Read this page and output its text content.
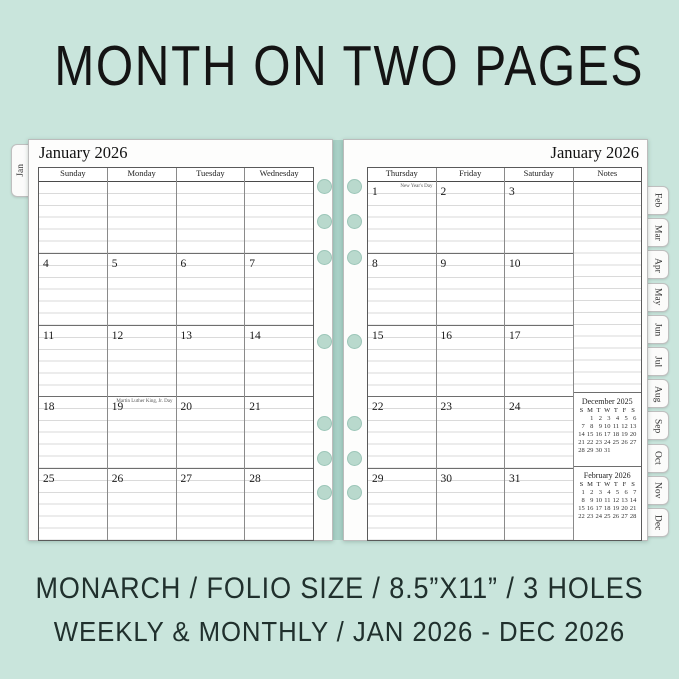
MONTH ON TWO PAGES
Jan
Feb
Mar
Apr
May
Jun
Jul
Aug
Sep
Oct
Nov
Dec
January 2026
Sunday
4
11
18
25
Monday
5
12
19
Martin Luther King, Jr. Day
26
Tuesday
6
13
20
27
Wednesday
7
14
21
28
January 2026
Thursday
1	New Year's Day
8
15
22
29
Friday
2
9
16
23
30
Saturday
3
10
17
24
31
Notes
December 2025
S M T W T F S
1 2 3 4 5 6
7 8 9 10 11 12 13
14 15 16 17 18 19 20
21 22 23 24 25 26 27
28 29 30 31
February 2026
S M T W T F S
1 2 3 4 5 6 7
8 9 10 11 12 13 14
15 16 17 18 19 20 21
22 23 24 25 26 27 28
MONARCH / FOLIO SIZE / 8.5”X11” / 3 HOLES
WEEKLY & MONTHLY / JAN 2026 - DEC 2026
